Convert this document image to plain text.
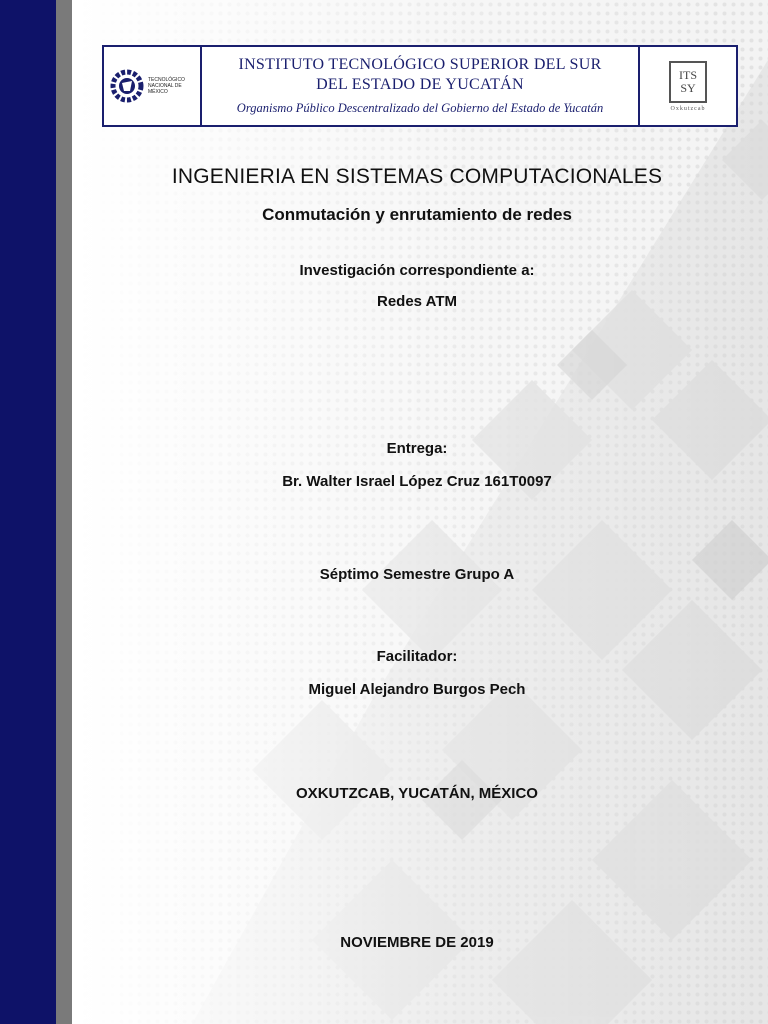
TECNOLÓGICO NACIONAL DE MÉXICO
INSTITUTO TECNOLÓGICO SUPERIOR DEL SUR
DEL ESTADO DE YUCATÁN
Organismo Público Descentralizado del Gobierno del Estado de Yucatán
ITS
SY
Oxkutzcab
INGENIERIA EN SISTEMAS COMPUTACIONALES
Conmutación y enrutamiento de redes
Investigación correspondiente a:
Redes ATM
Entrega:
Br. Walter Israel López Cruz 161T0097
Séptimo Semestre Grupo A
Facilitador:
Miguel Alejandro Burgos Pech
OXKUTZCAB, YUCATÁN, MÉXICO
NOVIEMBRE DE 2019
